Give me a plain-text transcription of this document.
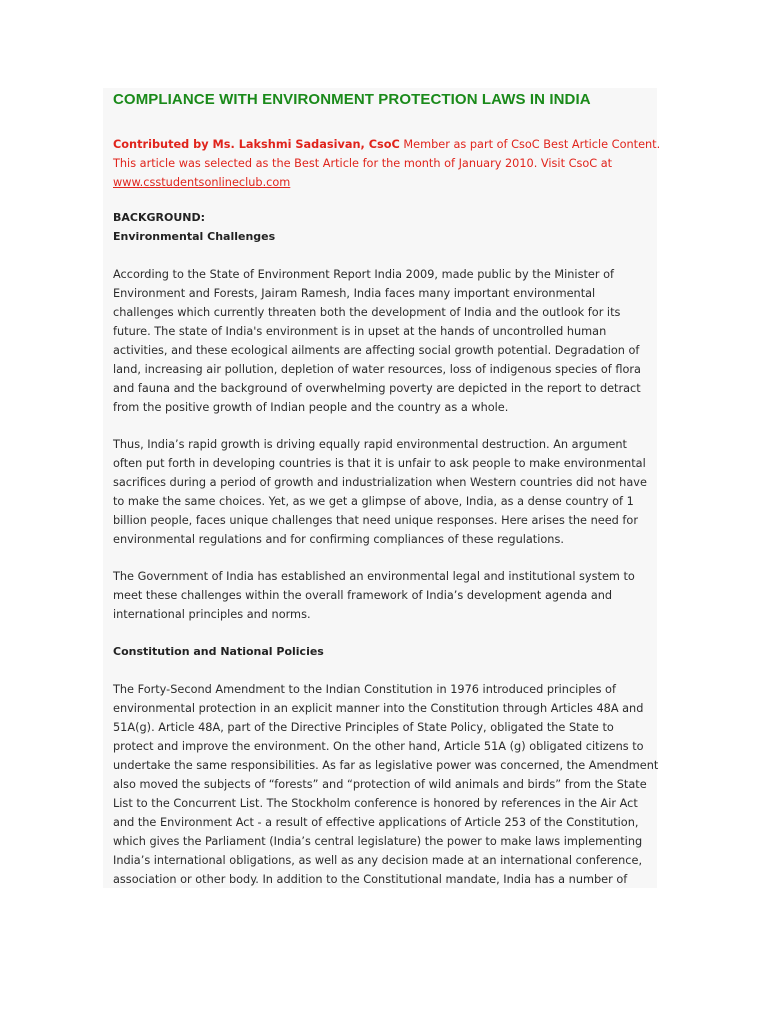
COMPLIANCE WITH ENVIRONMENT PROTECTION LAWS IN INDIA
Contributed by Ms. Lakshmi Sadasivan, CsoC Member as part of CsoC Best Article Content.
This article was selected as the Best Article for the month of January 2010. Visit CsoC at
www.csstudentsonlineclub.com
BACKGROUND:
Environmental Challenges
According to the State of Environment Report India 2009, made public by the Minister of
Environment and Forests, Jairam Ramesh, India faces many important environmental
challenges which currently threaten both the development of India and the outlook for its
future. The state of India's environment is in upset at the hands of uncontrolled human
activities, and these ecological ailments are affecting social growth potential. Degradation of
land, increasing air pollution, depletion of water resources, loss of indigenous species of flora
and fauna and the background of overwhelming poverty are depicted in the report to detract
from the positive growth of Indian people and the country as a whole.
Thus, India’s rapid growth is driving equally rapid environmental destruction. An argument
often put forth in developing countries is that it is unfair to ask people to make environmental
sacrifices during a period of growth and industrialization when Western countries did not have
to make the same choices. Yet, as we get a glimpse of above, India, as a dense country of 1
billion people, faces unique challenges that need unique responses. Here arises the need for
environmental regulations and for confirming compliances of these regulations.
The Government of India has established an environmental legal and institutional system to
meet these challenges within the overall framework of India’s development agenda and
international principles and norms.
Constitution and National Policies
The Forty-Second Amendment to the Indian Constitution in 1976 introduced principles of
environmental protection in an explicit manner into the Constitution through Articles 48A and
51A(g). Article 48A, part of the Directive Principles of State Policy, obligated the State to
protect and improve the environment. On the other hand, Article 51A (g) obligated citizens to
undertake the same responsibilities. As far as legislative power was concerned, the Amendment
also moved the subjects of “forests” and “protection of wild animals and birds” from the State
List to the Concurrent List. The Stockholm conference is honored by references in the Air Act
and the Environment Act - a result of effective applications of Article 253 of the Constitution,
which gives the Parliament (India’s central legislature) the power to make laws implementing
India’s international obligations, as well as any decision made at an international conference,
association or other body. In addition to the Constitutional mandate, India has a number of
